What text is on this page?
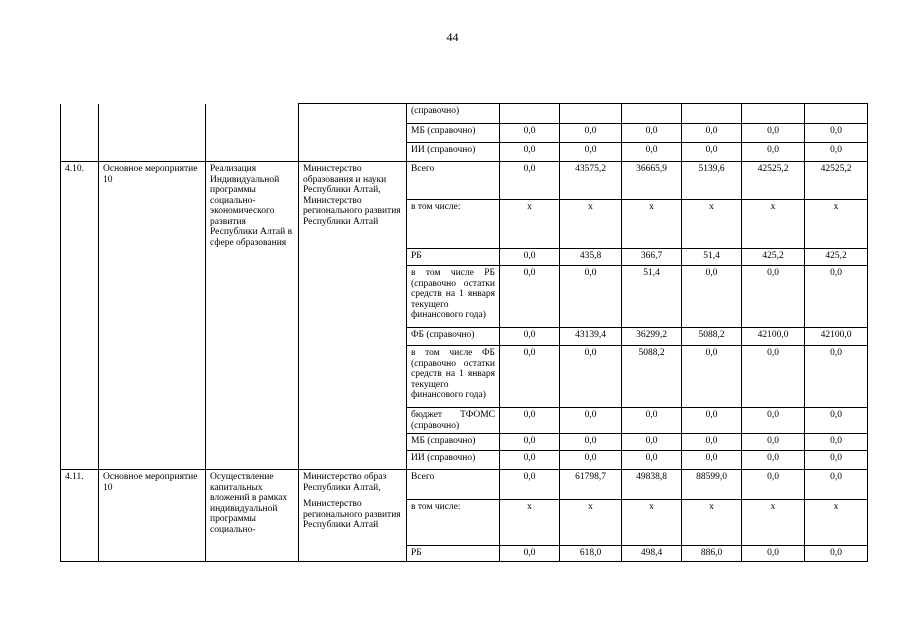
44
				(справочно)						
				МБ (справочно)	0,0	0,0	0,0	0,0	0,0	0,0
				ИИ (справочно)	0,0	0,0	0,0	0,0	0,0	0,0
4.10.	Основное мероприятие 10	Реализация Индивидуальной программы социально-экономического развития Республики Алтай в сфере образования	Министерство образования и науки Республики Алтай,
Министерство регионального развития Республики Алтай	Всего	0,0	43575,2	36665,9	5139,6	42525,2	42525,2
				в том числе:	x	x	x	x	x	x
				РБ	0,0	435,8	366,7	51,4	425,2	425,2
				в том числе РБ (справочно остатки средств на 1 января текущего финансового года)	0,0	0,0	51,4	0,0	0,0	0,0
				ФБ (справочно)	0,0	43139,4	36299,2	5088,2	42100,0	42100,0
				в том числе ФБ (справочно остатки средств на 1 января текущего финансового года)	0,0	0,0	5088,2	0,0	0,0	0,0
				бюджет ТФОМС (справочно)	0,0	0,0	0,0	0,0	0,0	0,0
				МБ (справочно)	0,0	0,0	0,0	0,0	0,0	0,0
				ИИ (справочно)	0,0	0,0	0,0	0,0	0,0	0,0
4.11.	Основное мероприятие 10	Осуществление капитальных вложений в рамках индивидуальной программы социально-	Министерство образ Республики Алтай,
Министерство регионального развития Республики Алтай	Всего	0,0	61798,7	49838,8	88599,0	0,0	0,0
				в том числе:	x	x	x	x	x	x
				РБ	0,0	618,0	498,4	886,0	0,0	0,0
